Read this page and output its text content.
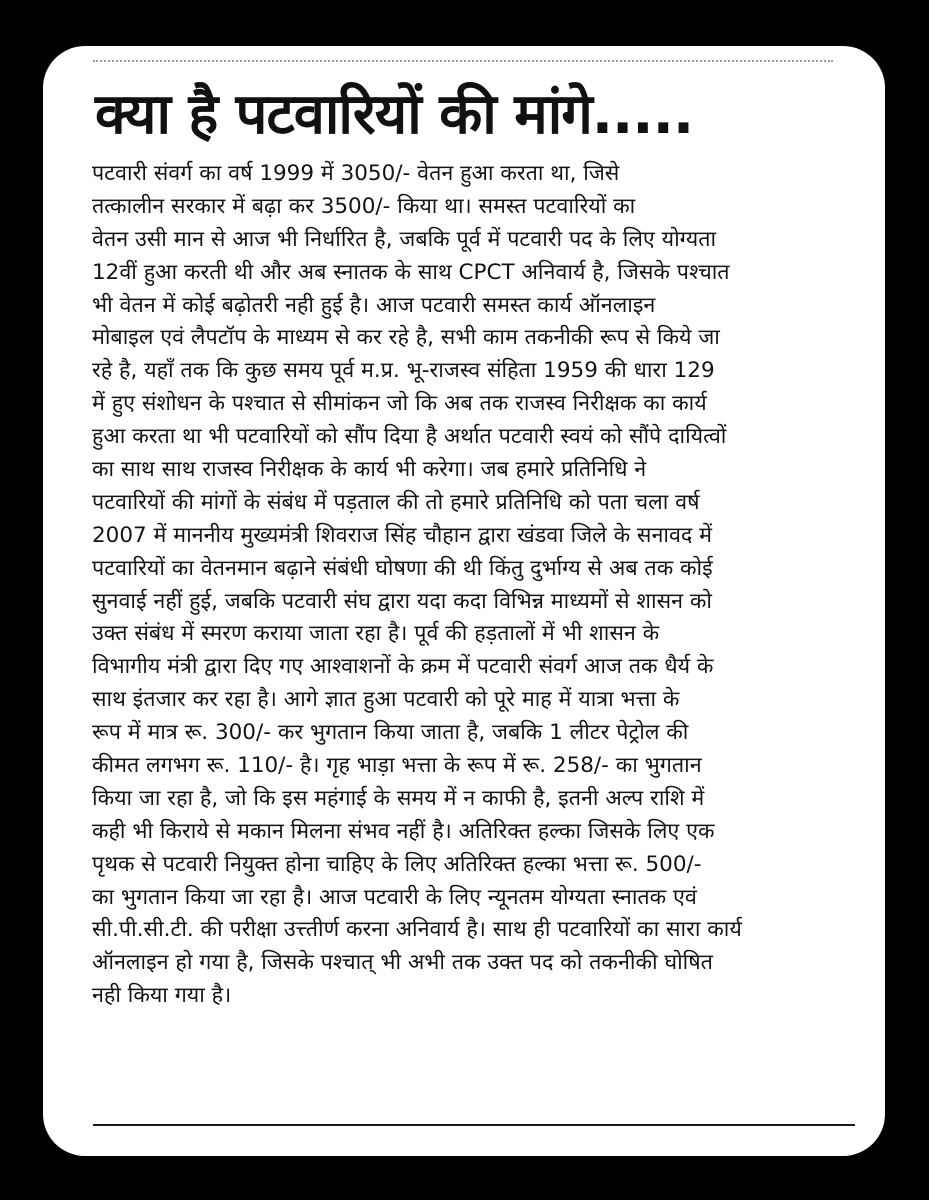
क्या है पटवारियों की मांगे.....
पटवारी संवर्ग का वर्ष 1999 में 3050/- वेतन हुआ करता था, जिसे
तत्कालीन सरकार में बढ़ा कर 3500/- किया था। समस्त पटवारियों का
वेतन उसी मान से आज भी निर्धारित है, जबकि पूर्व में पटवारी पद के लिए योग्यता
12वीं हुआ करती थी और अब स्नातक के साथ CPCT अनिवार्य है, जिसके पश्चात
भी वेतन में कोई बढ़ोतरी नही हुई है। आज पटवारी समस्त कार्य ऑनलाइन
मोबाइल एवं लैपटॉप के माध्यम से कर रहे है, सभी काम तकनीकी रूप से किये जा
रहे है, यहाँ तक कि कुछ समय पूर्व म.प्र. भू-राजस्व संहिता 1959 की धारा 129
में हुए संशोधन के पश्चात से सीमांकन जो कि अब तक राजस्व निरीक्षक का कार्य
हुआ करता था भी पटवारियों को सौंप दिया है अर्थात पटवारी स्वयं को सौंपे दायित्वों
का साथ साथ राजस्व निरीक्षक के कार्य भी करेगा। जब हमारे प्रतिनिधि ने
पटवारियों की मांगों के संबंध में पड़ताल की तो हमारे प्रतिनिधि को पता चला वर्ष
2007 में माननीय मुख्यमंत्री शिवराज सिंह चौहान द्वारा खंडवा जिले के सनावद में
पटवारियों का वेतनमान बढ़ाने संबंधी घोषणा की थी किंतु दुर्भाग्य से अब तक कोई
सुनवाई नहीं हुई, जबकि पटवारी संघ द्वारा यदा कदा विभिन्न माध्यमों से शासन को
उक्त संबंध में स्मरण कराया जाता रहा है। पूर्व की हड़तालों में भी शासन के
विभागीय मंत्री द्वारा दिए गए आश्वाशनों के क्रम में पटवारी संवर्ग आज तक धैर्य के
साथ इंतजार कर रहा है। आगे ज्ञात हुआ पटवारी को पूरे माह में यात्रा भत्ता के
रूप में मात्र रू. 300/- कर भुगतान किया जाता है, जबकि 1 लीटर पेट्रोल की
कीमत लगभग रू. 110/- है। गृह भाड़ा भत्ता के रूप में रू. 258/- का भुगतान
किया जा रहा है, जो कि इस महंगाई के समय में न काफी है, इतनी अल्प राशि में
कही भी किराये से मकान मिलना संभव नहीं है। अतिरिक्त हल्का जिसके लिए एक
पृथक से पटवारी नियुक्त होना चाहिए के लिए अतिरिक्त हल्का भत्ता रू. 500/-
का भुगतान किया जा रहा है। आज पटवारी के लिए न्यूनतम योग्यता स्नातक एवं
सी.पी.सी.टी. की परीक्षा उत्त्तीर्ण करना अनिवार्य है। साथ ही पटवारियों का सारा कार्य
ऑनलाइन हो गया है, जिसके पश्चात् भी अभी तक उक्त पद को तकनीकी घोषित
नही किया गया है।
